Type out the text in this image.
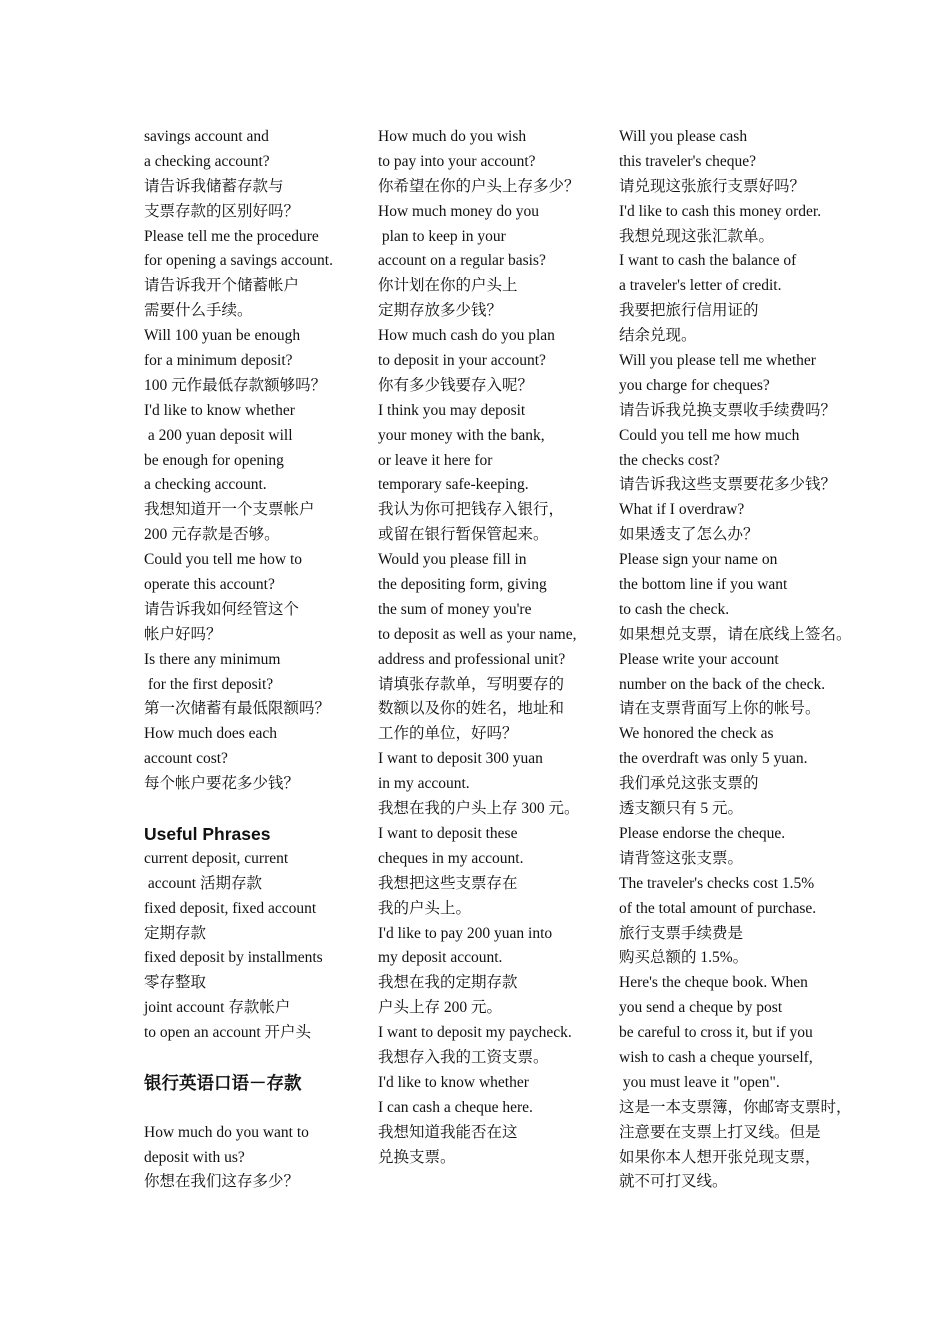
savings account and
a checking account?
请告诉我储蓄存款与
支票存款的区别好吗？
Please tell me the procedure
for opening a savings account.
请告诉我开个储蓄帐户
需要什么手续。
Will 100 yuan be enough
for a minimum deposit?
100 元作最低存款额够吗？
I'd like to know whether
a 200 yuan deposit will
be enough for opening
a checking account.
我想知道开一个支票帐户
200 元存款是否够。
Could you tell me how to
operate this account?
请告诉我如何经管这个
帐户好吗？
Is there any minimum
for the first deposit?
第一次储蓄有最低限额吗？
How much does each
account cost?
每个帐户要花多少钱？
Useful Phrases
current deposit, current
account 活期存款
fixed deposit, fixed account
定期存款
fixed deposit by installments
零存整取
joint account 存款帐户
to open an account 开户头
银行英语口语－存款
How much do you want to
deposit with us?
你想在我们这存多少？
How much do you wish
to pay into your account?
你希望在你的户头上存多少？
How much money do you
plan to keep in your
account on a regular basis?
你计划在你的户头上
定期存放多少钱？
How much cash do you plan
to deposit in your account?
你有多少钱要存入呢？
I think you may deposit
your money with the bank,
or leave it here for
temporary safe-keeping.
我认为你可把钱存入银行，
或留在银行暂保管起来。
Would you please fill in
the depositing form, giving
the sum of money you're
to deposit as well as your name,
address and professional unit?
请填张存款单，写明要存的
数额以及你的姓名，地址和
工作的单位，好吗？
I want to deposit 300 yuan
in my account.
我想在我的户头上存 300 元。
I want to deposit these
cheques in my account.
我想把这些支票存在
我的户头上。
I'd like to pay 200 yuan into
my deposit account.
我想在我的定期存款
户头上存 200 元。
I want to deposit my paycheck.
我想存入我的工资支票。
I'd like to know whether
I can cash a cheque here.
我想知道我能否在这
兑换支票。
Will you please cash
this traveler's cheque?
请兑现这张旅行支票好吗？
I'd like to cash this money order.
我想兑现这张汇款单。
I want to cash the balance of
a traveler's letter of credit.
我要把旅行信用证的
结余兑现。
Will you please tell me whether
you charge for cheques?
请告诉我兑换支票收手续费吗？
Could you tell me how much
the checks cost?
请告诉我这些支票要花多少钱？
What if I overdraw?
如果透支了怎么办？
Please sign your name on
the bottom line if you want
to cash the check.
如果想兑支票，请在底线上签名。
Please write your account
number on the back of the check.
请在支票背面写上你的帐号。
We honored the check as
the overdraft was only 5 yuan.
我们承兑这张支票的
透支额只有 5 元。
Please endorse the cheque.
请背签这张支票。
The traveler's checks cost 1.5%
of the total amount of purchase.
旅行支票手续费是
购买总额的 1.5%。
Here's the cheque book. When
you send a cheque by post
be careful to cross it, but if you
wish to cash a cheque yourself,
you must leave it "open".
这是一本支票簿，你邮寄支票时，
注意要在支票上打叉线。但是
如果你本人想开张兑现支票，
就不可打叉线。
